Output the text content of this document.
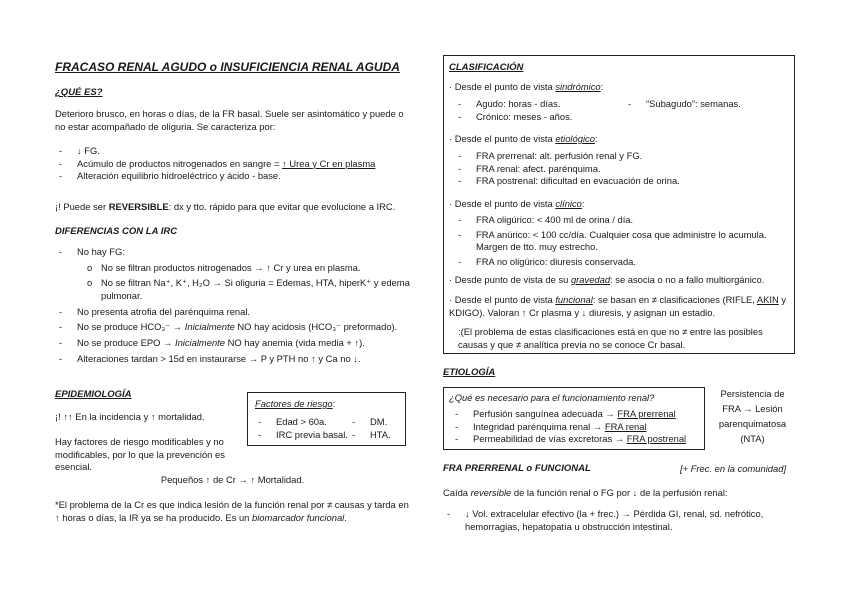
FRACASO RENAL AGUDO o INSUFICIENCIA RENAL AGUDA
¿QUÉ ES?

Deterioro brusco, en horas o días, de la FR basal. Suele ser asintomático y puede o no estar acompañado de oliguria. Se caracteriza por:

- ↓ FG.
- Acúmulo de productos nitrogenados en sangre = ↑ Urea y Cr en plasma
- Alteración equilibrio hidroeléctrico y ácido - base.

¡! Puede ser REVERSIBLE: dx y tto. rápido para que evitar que evolucione a IRC.

DIFERENCIAS CON LA IRC
- No hay FG:
o No se filtran productos nitrogenados → ↑ Cr y urea en plasma.
o No se filtran Na⁺, K⁺, H₂O → Si oliguria = Edemas, HTA, hiperK⁺ y edema pulmonar.
- No presenta atrofia del parénquima renal.
- No se produce HCO₃⁻ → Inicialmente NO hay acidosis (HCO₃⁻ preformado).
- No se produce EPO → Inicialmente NO hay anemia (vida media + ↑).
- Alteraciones tardan > 15d en instaurarse → P y PTH no ↑ y Ca no ↓.
EPIDEMIOLOGÍA

¡! ↑↑ En la incidencia y ↑ mortalidad.

Hay factores de riesgo modificables y no modificables, por lo que la prevención es esencial.

Factores de riesgo:
- Edad > 60a.
- IRC previa basal.
- DM.
- HTA.

Pequeños ↑ de Cr → ↑ Mortalidad.

*El problema de la Cr es que indica lesión de la función renal por ≠ causas y tarda en ↑ horas o días, la IR ya se ha producido. Es un biomarcador funcional.

CLASIFICACIÓN

· Desde el punto de vista sindrómico:

- Agudo: horas - días.
- Crónico: meses - años.
- “Subagudo”: semanas.

· Desde el punto de vista etiológico:

- FRA prerrenal: alt. perfusión renal y FG.
- FRA renal: afect. parénquima.
- FRA postrenal: dificultad en evacuación de orina.

· Desde el punto de vista clínico:

- FRA oligúrico: < 400 ml de orina / día.
- FRA anúrico: < 100 cc/día. Cualquier cosa que administre lo acumula. Margen de tto. muy estrecho.
- FRA no oligúrico: diuresis conservada.

· Desde punto de vista de su gravedad: se asocia o no a fallo multiorgánico.

· Desde el punto de vista funcional: se basan en ≠ clasificaciones (RIFLE, AKIN y KDIGO). Valoran ↑ Cr plasma y ↓ diuresis, y asignan un estadio.

:(El problema de estas clasificaciones está en que no ≠ entre las posibles causas y que ≠ analítica previa no se conoce Cr basal.

ETIOLOGÍA

¿Qué es necesario para el funcionamiento renal?

- Perfusión sanguínea adecuada → FRA prerrenal
- Integridad parénquima renal → FRA renal
- Permeabilidad de vías excretoras → FRA postrenal

Persistencia de FRA → Lesión parenquimatosa (NTA)

FRA PRERRENAL o FUNCIONAL	[+ Frec. en la comunidad]

Caída reversible de la función renal o FG por ↓ de la perfusión renal:

- ↓ Vol. extracelular efectivo (la + frec.) → Pérdida GI, renal, sd. nefrótico, hemorragias, hepatopatía u obstrucción intestinal.
